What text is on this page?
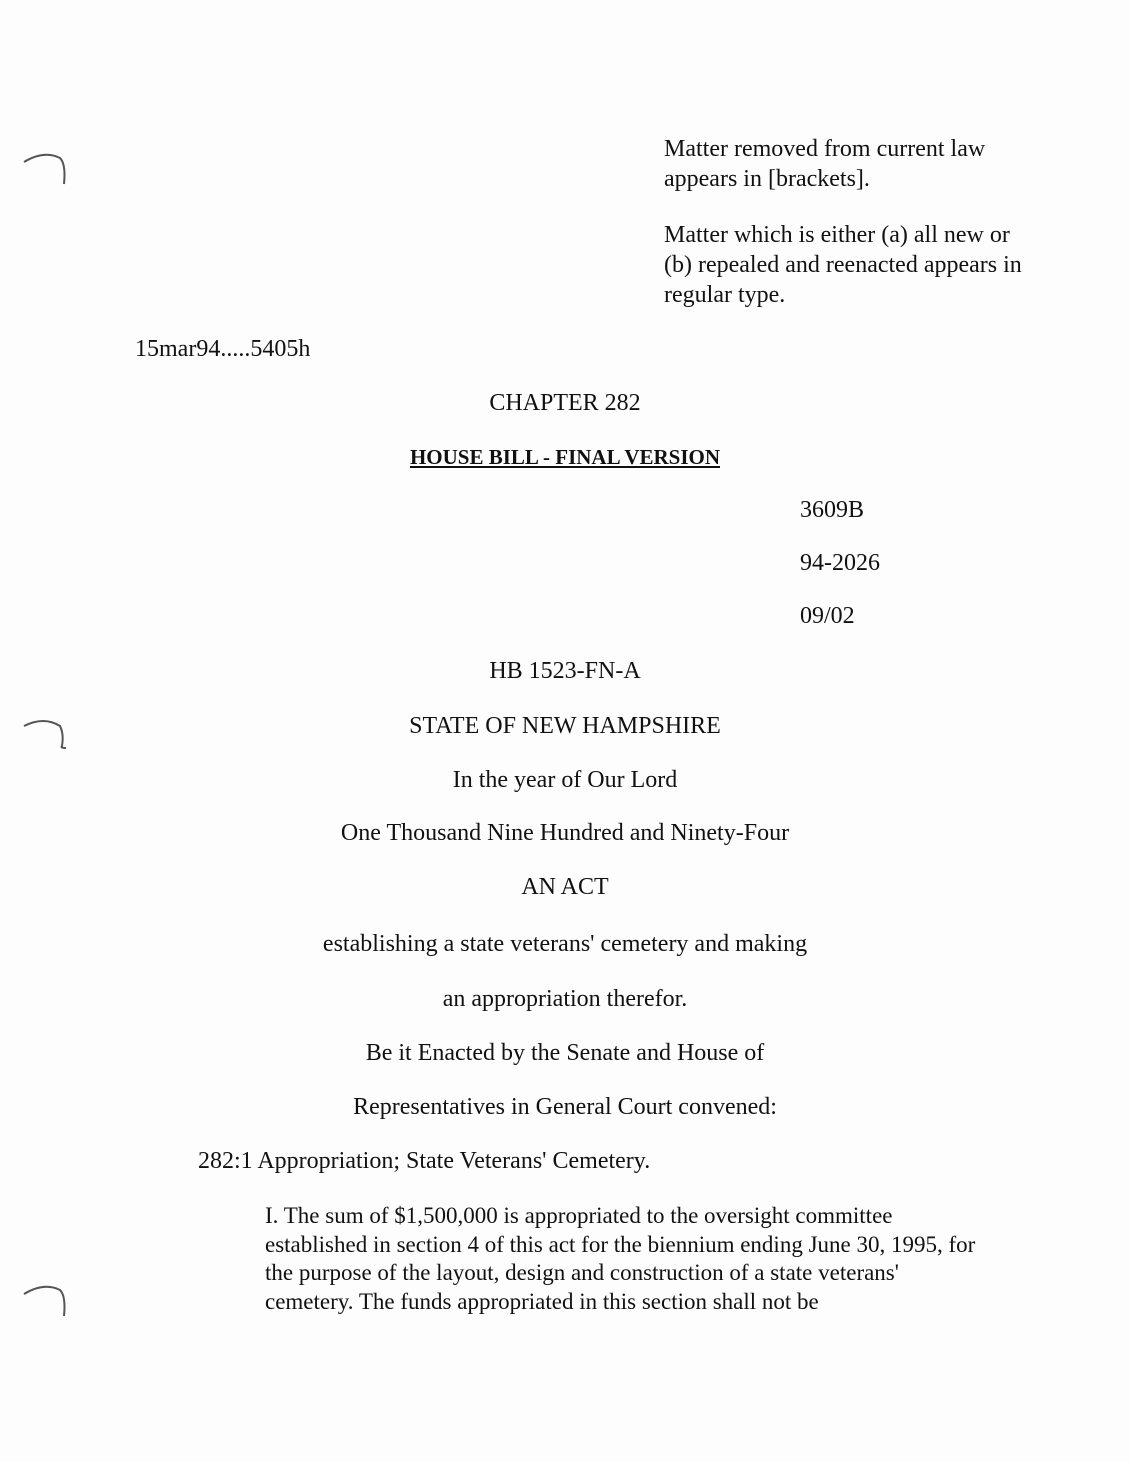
Matter removed from current law appears in [brackets].
Matter which is either (a) all new or (b) repealed and reenacted appears in regular type.
15mar94.....5405h
CHAPTER 282
HOUSE BILL - FINAL VERSION
3609B
94-2026
09/02
HB 1523-FN-A
STATE OF NEW HAMPSHIRE
In the year of Our Lord
One Thousand Nine Hundred and Ninety-Four
AN ACT
establishing a state veterans' cemetery and making
an appropriation therefor.
Be it Enacted by the Senate and House of
Representatives in General Court convened:
282:1 Appropriation; State Veterans' Cemetery.
I. The sum of $1,500,000 is appropriated to the oversight committee established in section 4 of this act for the biennium ending June 30, 1995, for the purpose of the layout, design and construction of a state veterans' cemetery. The funds appropriated in this section shall not be
